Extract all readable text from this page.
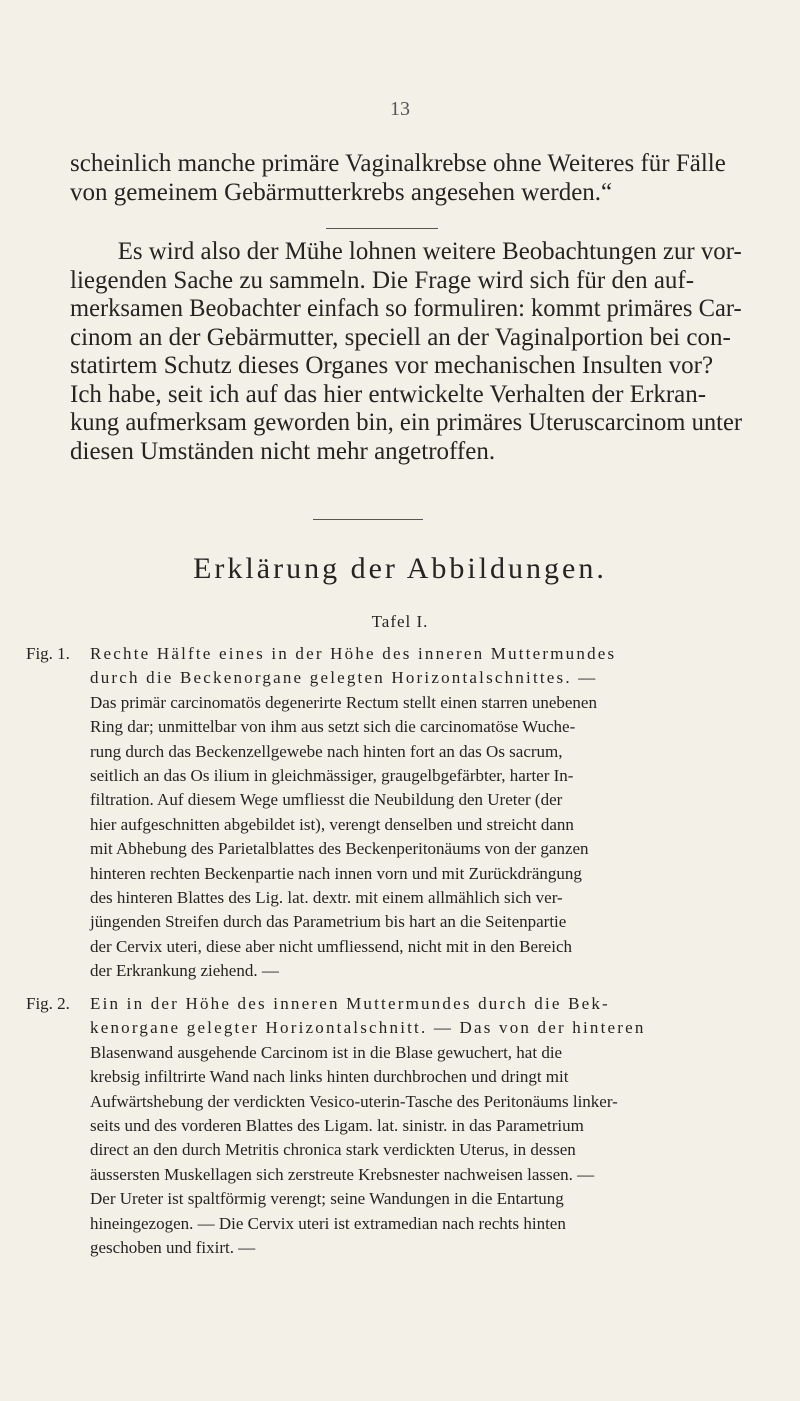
13
scheinlich manche primäre Vaginalkrebse ohne Weiteres für Fälle
von gemeinem Gebärmutterkrebs angesehen werden.“
Es wird also der Mühe lohnen weitere Beobachtungen zur vor-
liegenden Sache zu sammeln. Die Frage wird sich für den auf-
merksamen Beobachter einfach so formuliren: kommt primäres Car-
cinom an der Gebärmutter, speciell an der Vaginalportion bei con-
statirtem Schutz dieses Organes vor mechanischen Insulten vor?
Ich habe, seit ich auf das hier entwickelte Verhalten der Erkran-
kung aufmerksam geworden bin, ein primäres Uteruscarcinom unter
diesen Umständen nicht mehr angetroffen.
Erklärung der Abbildungen.
Tafel I.
Fig. 1.	Rechte Hälfte eines in der Höhe des inneren Muttermundes
durch die Beckenorgane gelegten Horizontalschnittes. —
Das primär carcinomatös degenerirte Rectum stellt einen starren unebenen
Ring dar; unmittelbar von ihm aus setzt sich die carcinomatöse Wuche-
rung durch das Beckenzellgewebe nach hinten fort an das Os sacrum,
seitlich an das Os ilium in gleichmässiger, graugelbgefärbter, harter In-
filtration. Auf diesem Wege umfliesst die Neubildung den Ureter (der
hier aufgeschnitten abgebildet ist), verengt denselben und streicht dann
mit Abhebung des Parietalblattes des Beckenperitonäums von der ganzen
hinteren rechten Beckenpartie nach innen vorn und mit Zurückdrängung
des hinteren Blattes des Lig. lat. dextr. mit einem allmählich sich ver-
jüngenden Streifen durch das Parametrium bis hart an die Seitenpartie
der Cervix uteri, diese aber nicht umfliessend, nicht mit in den Bereich
der Erkrankung ziehend. —
Fig. 2.	Ein in der Höhe des inneren Muttermundes durch die Bek-
kenorgane gelegter Horizontalschnitt. — Das von der hinteren
Blasenwand ausgehende Carcinom ist in die Blase gewuchert, hat die
krebsig infiltrirte Wand nach links hinten durchbrochen und dringt mit
Aufwärtshebung der verdickten Vesico-uterin-Tasche des Peritonäums linker-
seits und des vorderen Blattes des Ligam. lat. sinistr. in das Parametrium
direct an den durch Metritis chronica stark verdickten Uterus, in dessen
äussersten Muskellagen sich zerstreute Krebsnester nachweisen lassen. —
Der Ureter ist spaltförmig verengt; seine Wandungen in die Entartung
hineingezogen. — Die Cervix uteri ist extramedian nach rechts hinten
geschoben und fixirt. —
